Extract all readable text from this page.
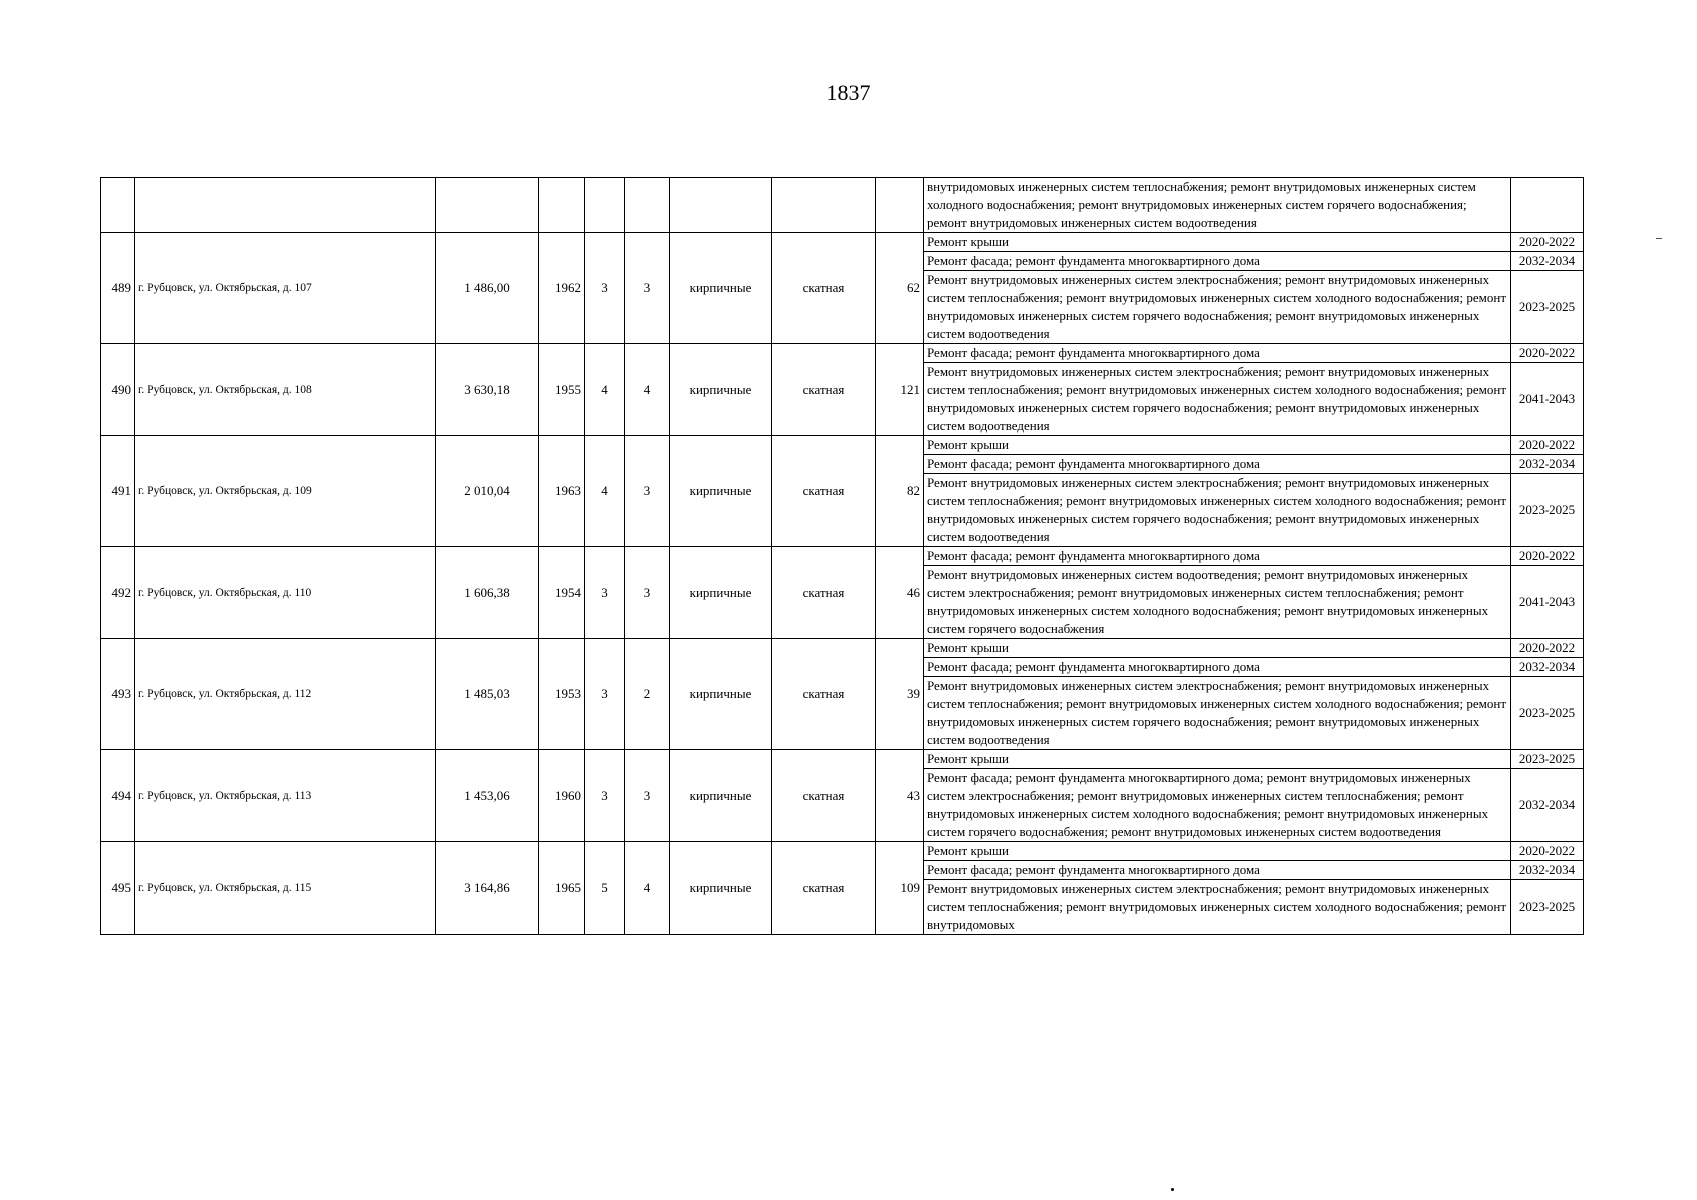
1837
									внутридомовых инженерных систем теплоснабжения; ремонт внутридомовых инженерных систем холодного водоснабжения; ремонт внутридомовых инженерных систем горячего водоснабжения; ремонт внутридомовых инженерных систем водоотведения	
489	г. Рубцовск, ул. Октябрьская, д. 107	1 486,00	1962	3	3	кирпичные	скатная	62	Ремонт крыши	2020-2022
									Ремонт фасада; ремонт фундамента многоквартирного дома	2032-2034
									Ремонт внутридомовых инженерных систем электроснабжения; ремонт внутридомовых инженерных систем теплоснабжения; ремонт внутридомовых инженерных систем холодного водоснабжения; ремонт внутридомовых инженерных систем горячего водоснабжения; ремонт внутридомовых инженерных систем водоотведения	2023-2025
490	г. Рубцовск, ул. Октябрьская, д. 108	3 630,18	1955	4	4	кирпичные	скатная	121	Ремонт фасада; ремонт фундамента многоквартирного дома	2020-2022
									Ремонт внутридомовых инженерных систем электроснабжения; ремонт внутридомовых инженерных систем теплоснабжения; ремонт внутридомовых инженерных систем холодного водоснабжения; ремонт внутридомовых инженерных систем горячего водоснабжения; ремонт внутридомовых инженерных систем водоотведения	2041-2043
491	г. Рубцовск, ул. Октябрьская, д. 109	2 010,04	1963	4	3	кирпичные	скатная	82	Ремонт крыши	2020-2022
									Ремонт фасада; ремонт фундамента многоквартирного дома	2032-2034
									Ремонт внутридомовых инженерных систем электроснабжения; ремонт внутридомовых инженерных систем теплоснабжения; ремонт внутридомовых инженерных систем холодного водоснабжения; ремонт внутридомовых инженерных систем горячего водоснабжения; ремонт внутридомовых инженерных систем водоотведения	2023-2025
492	г. Рубцовск, ул. Октябрьская, д. 110	1 606,38	1954	3	3	кирпичные	скатная	46	Ремонт фасада; ремонт фундамента многоквартирного дома	2020-2022
									Ремонт внутридомовых инженерных систем водоотведения; ремонт внутридомовых инженерных систем электроснабжения; ремонт внутридомовых инженерных систем теплоснабжения; ремонт внутридомовых инженерных систем холодного водоснабжения; ремонт внутридомовых инженерных систем горячего водоснабжения	2041-2043
493	г. Рубцовск, ул. Октябрьская, д. 112	1 485,03	1953	3	2	кирпичные	скатная	39	Ремонт крыши	2020-2022
									Ремонт фасада; ремонт фундамента многоквартирного дома	2032-2034
									Ремонт внутридомовых инженерных систем электроснабжения; ремонт внутридомовых инженерных систем теплоснабжения; ремонт внутридомовых инженерных систем холодного водоснабжения; ремонт внутридомовых инженерных систем горячего водоснабжения; ремонт внутридомовых инженерных систем водоотведения	2023-2025
494	г. Рубцовск, ул. Октябрьская, д. 113	1 453,06	1960	3	3	кирпичные	скатная	43	Ремонт крыши	2023-2025
									Ремонт фасада; ремонт фундамента многоквартирного дома; ремонт внутридомовых инженерных систем электроснабжения; ремонт внутридомовых инженерных систем теплоснабжения; ремонт внутридомовых инженерных систем холодного водоснабжения; ремонт внутридомовых инженерных систем горячего водоснабжения; ремонт внутридомовых инженерных систем водоотведения	2032-2034
495	г. Рубцовск, ул. Октябрьская, д. 115	3 164,86	1965	5	4	кирпичные	скатная	109	Ремонт крыши	2020-2022
									Ремонт фасада; ремонт фундамента многоквартирного дома	2032-2034
									Ремонт внутридомовых инженерных систем электроснабжения; ремонт внутридомовых инженерных систем теплоснабжения; ремонт внутридомовых инженерных систем холодного водоснабжения; ремонт внутридомовых	2023-2025
